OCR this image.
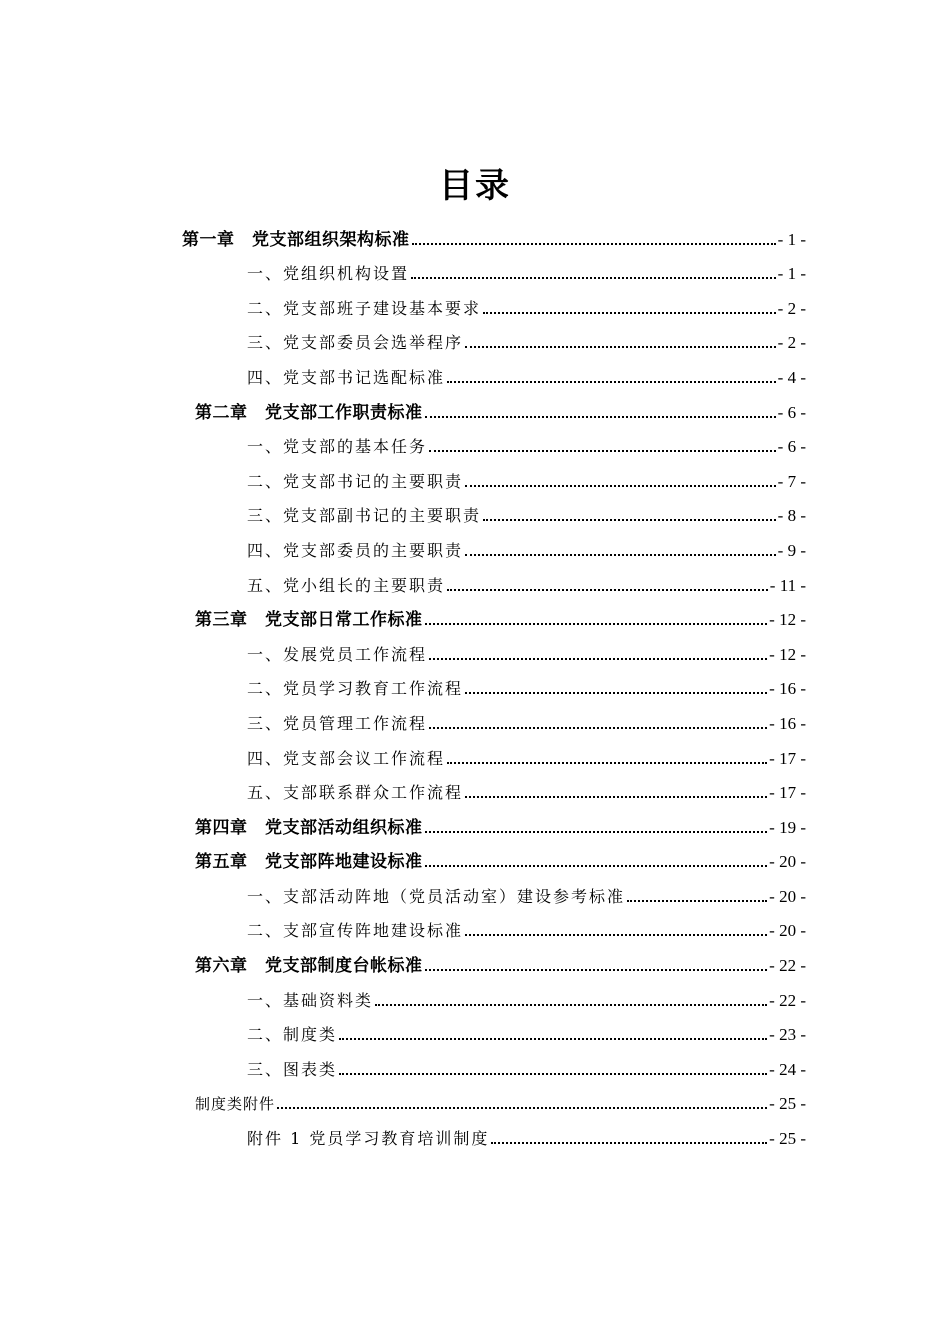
目录
第一章　党支部组织架构标准	- 1 -
一、党组织机构设置	- 1 -
二、党支部班子建设基本要求	- 2 -
三、党支部委员会选举程序	- 2 -
四、党支部书记选配标准	- 4 -
第二章　党支部工作职责标准	- 6 -
一、党支部的基本任务	- 6 -
二、党支部书记的主要职责	- 7 -
三、党支部副书记的主要职责	- 8 -
四、党支部委员的主要职责	- 9 -
五、党小组长的主要职责	- 11 -
第三章　党支部日常工作标准	- 12 -
一、发展党员工作流程	- 12 -
二、党员学习教育工作流程	- 16 -
三、党员管理工作流程	- 16 -
四、党支部会议工作流程	- 17 -
五、支部联系群众工作流程	- 17 -
第四章　党支部活动组织标准	- 19 -
第五章　党支部阵地建设标准	- 20 -
一、支部活动阵地（党员活动室）建设参考标准	- 20 -
二、支部宣传阵地建设标准	- 20 -
第六章　党支部制度台帐标准	- 22 -
一、基础资料类	- 22 -
二、制度类	- 23 -
三、图表类	- 24 -
制度类附件	- 25 -
附件 1 党员学习教育培训制度	- 25 -
